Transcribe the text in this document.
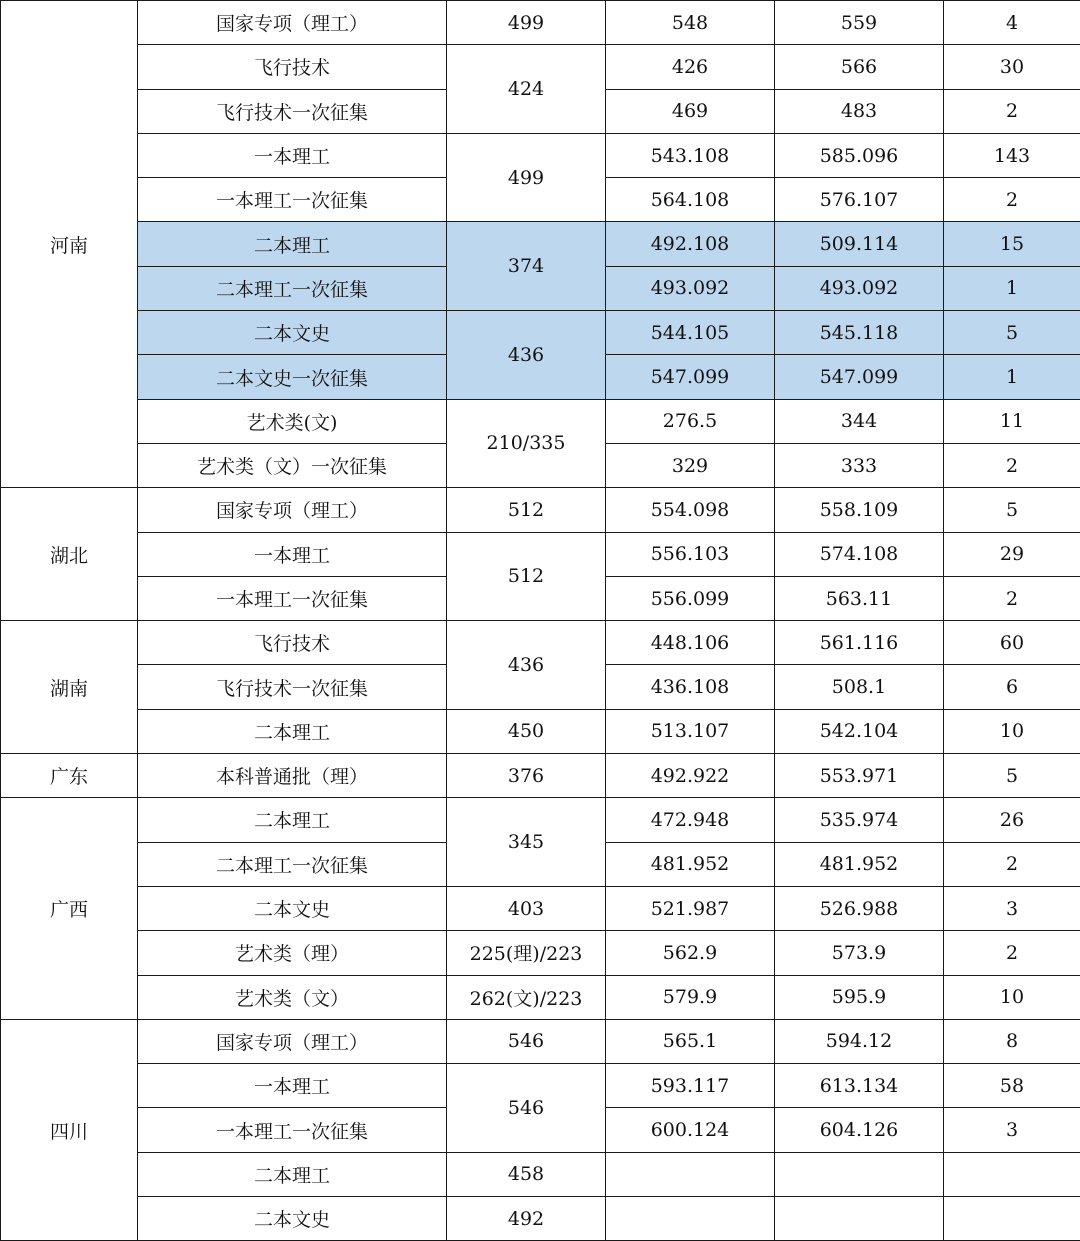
河南	国家专项（理工）	499	548	559	4
	飞行技术	424	426	566	30
	飞行技术一次征集		469	483	2
	一本理工	499	543.108	585.096	143
	一本理工一次征集		564.108	576.107	2
	二本理工	374	492.108	509.114	15
	二本理工一次征集		493.092	493.092	1
	二本文史	436	544.105	545.118	5
	二本文史一次征集		547.099	547.099	1
	艺术类(文)	210/335	276.5	344	11
	艺术类（文）一次征集		329	333	2
湖北	国家专项（理工）	512	554.098	558.109	5
	一本理工	512	556.103	574.108	29
	一本理工一次征集		556.099	563.11	2
湖南	飞行技术	436	448.106	561.116	60
	飞行技术一次征集		436.108	508.1	6
	二本理工	450	513.107	542.104	10
广东	本科普通批（理）	376	492.922	553.971	5
广西	二本理工	345	472.948	535.974	26
	二本理工一次征集		481.952	481.952	2
	二本文史	403	521.987	526.988	3
	艺术类（理）	225(理)/223	562.9	573.9	2
	艺术类（文）	262(文)/223	579.9	595.9	10
四川	国家专项（理工）	546	565.1	594.12	8
	一本理工	546	593.117	613.134	58
	一本理工一次征集		600.124	604.126	3
	二本理工	458			
	二本文史	492			
